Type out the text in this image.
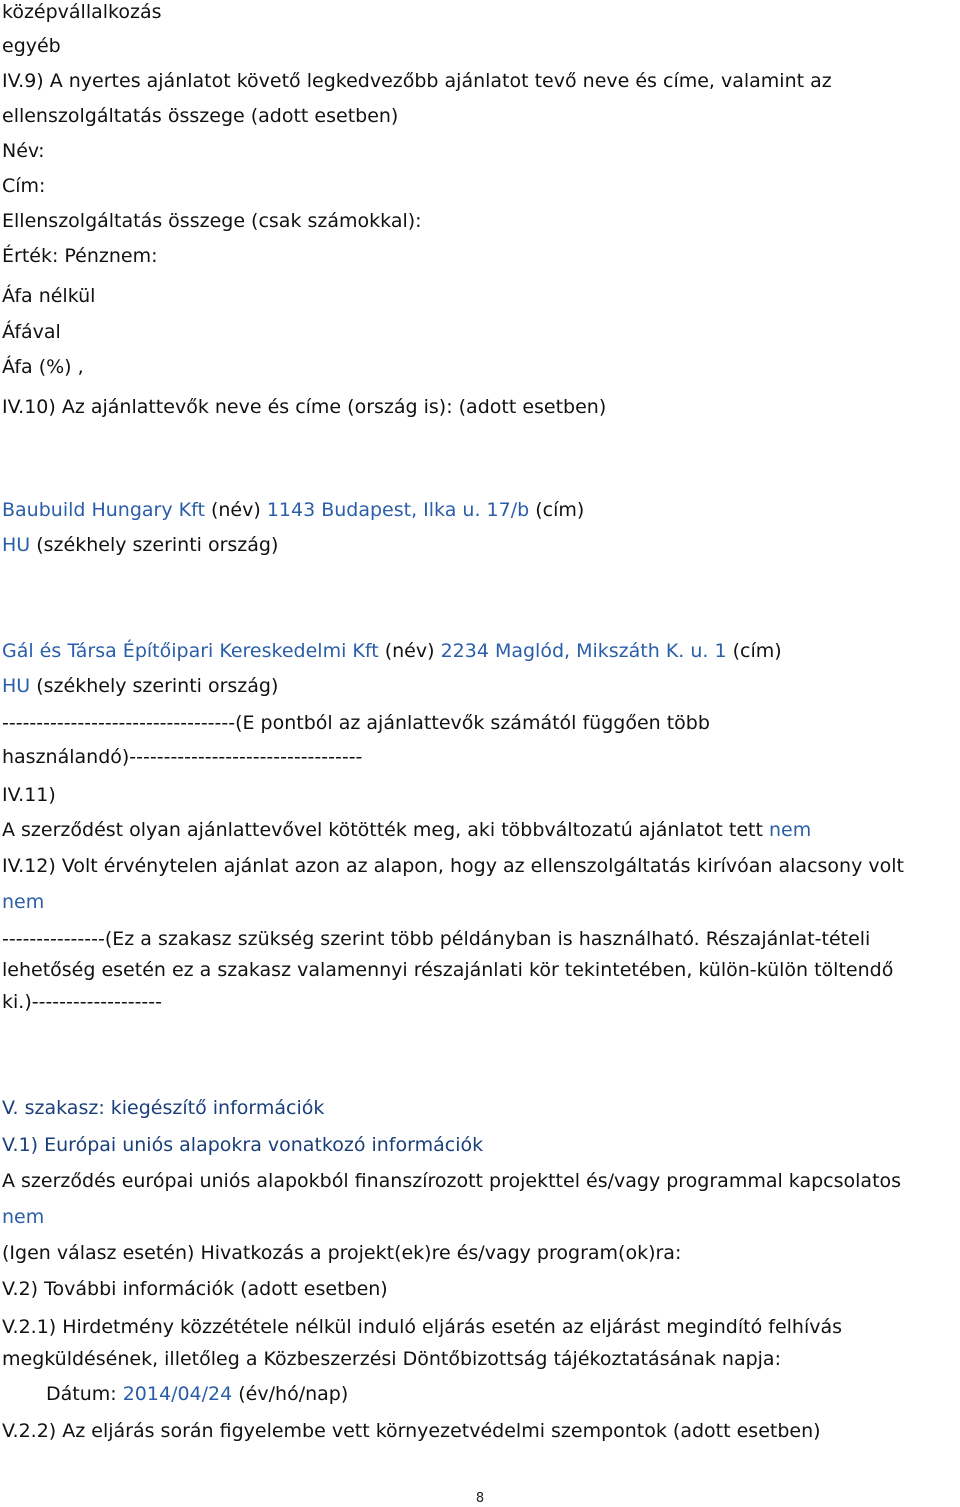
középvállalkozás
egyéb
IV.9) A nyertes ajánlatot követő legkedvezőbb ajánlatot tevő neve és címe, valamint az
ellenszolgáltatás összege (adott esetben)
Név:
Cím:
Ellenszolgáltatás összege (csak számokkal):
Érték: Pénznem:
Áfa nélkül
Áfával
Áfa (%) ,
IV.10) Az ajánlattevők neve és címe (ország is): (adott esetben)
Baubuild Hungary Kft (név) 1143 Budapest, Ilka u. 17/b (cím)
HU (székhely szerinti ország)
Gál és Társa Építőipari Kereskedelmi Kft (név) 2234 Maglód, Mikszáth K. u. 1 (cím)
HU (székhely szerinti ország)
----------------------------------(E pontból az ajánlattevők számától függően több
használandó)----------------------------------
IV.11)
A szerződést olyan ajánlattevővel kötötték meg, aki többváltozatú ajánlatot tett nem
IV.12) Volt érvénytelen ajánlat azon az alapon, hogy az ellenszolgáltatás kirívóan alacsony volt
nem
---------------(Ez a szakasz szükség szerint több példányban is használható. Részajánlat-tételi
lehetőség esetén ez a szakasz valamennyi részajánlati kör tekintetében, külön-külön töltendő
ki.)-------------------
V. szakasz: kiegészítő információk
V.1) Európai uniós alapokra vonatkozó információk
A szerződés európai uniós alapokból finanszírozott projekttel és/vagy programmal kapcsolatos
nem
(Igen válasz esetén) Hivatkozás a projekt(ek)re és/vagy program(ok)ra:
V.2) További információk (adott esetben)
V.2.1) Hirdetmény közzététele nélkül induló eljárás esetén az eljárást megindító felhívás
megküldésének, illetőleg a Közbeszerzési Döntőbizottság tájékoztatásának napja:
Dátum: 2014/04/24 (év/hó/nap)
V.2.2) Az eljárás során figyelembe vett környezetvédelmi szempontok (adott esetben)
8
